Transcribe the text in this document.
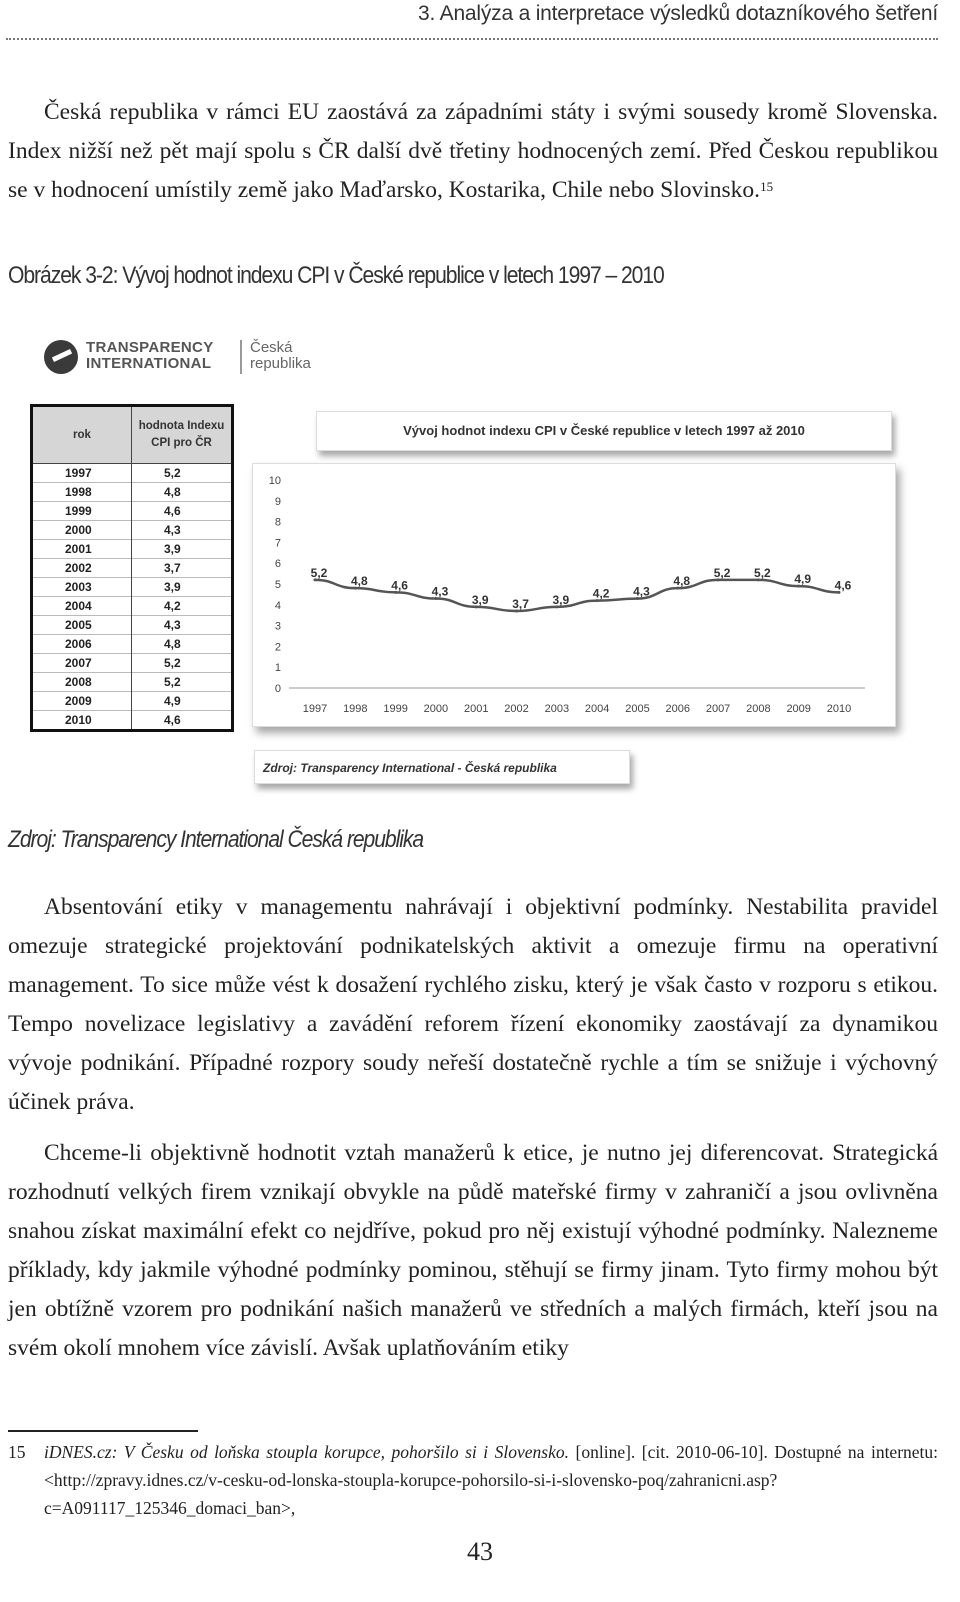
3. Analýza a interpretace výsledků dotazníkového šetření

Česká republika v rámci EU zaostává za západními státy i svými sousedy kromě Slovenska. Index nižší než pět mají spolu s ČR další dvě třetiny hodnocených zemí. Před Českou republikou se v hodnocení umístily země jako Maďarsko, Kostarika, Chile nebo Slovinsko.$^{15}$

Obrázek 3-2: Vývoj hodnot indexu CPI v České republice v letech 1997 – 2010
TRANSPARENCY
INTERNATIONAL
Česká
republika
rok	hodnota Indexu CPI pro ČR
1997	5,2
1998	4,8
1999	4,6
2000	4,3
2001	3,9
2002	3,7
2003	3,9
2004	4,2
2005	4,3
2006	4,8
2007	5,2
2008	5,2
2009	4,9
2010	4,6
Vývoj hodnot indexu CPI v České republice v letech 1997 až 2010
0
1
2
3
4
5
6
7
8
9
10
1997 1998 1999 2000 2001 2002 2003 2004 2005 2006 2007 2008 2009 2010
5,2
4,8 4,6 4,3
3,9 3,7 3,9 4,2 4,3
4,8
5,2 5,2 4,9 4,6
Zdroj: Transparency International - Česká republika
Zdroj: Transparency International Česká republika

Absentování etiky v managementu nahrávají i objektivní podmínky. Nestabilita pravidel omezuje strategické projektování podnikatelských aktivit a omezuje firmu na operativní management. To sice může vést k dosažení rychlého zisku, který je však často v rozporu s etikou. Tempo novelizace legislativy a zavádění reforem řízení ekonomiky zaostávají za dynamikou vývoje podnikání. Případné rozpory soudy neřeší dostatečně rychle a tím se snižuje i výchovný účinek práva.

Chceme-li objektivně hodnotit vztah manažerů k etice, je nutno jej diferencovat. Strategická rozhodnutí velkých firem vznikají obvykle na půdě mateřské firmy v zahraničí a jsou ovlivněna snahou získat maximální efekt co nejdříve, pokud pro něj existují výhodné podmínky. Nalezneme příklady, kdy jakmile výhodné podmínky pominou, stěhují se firmy jinam. Tyto firmy mohou být jen obtížně vzorem pro podnikání našich manažerů ve středních a malých firmách, kteří jsou na svém okolí mnohem více závislí. Avšak uplatňováním etiky

15 iDNES.cz: V Česku od loňska stoupla korupce, pohoršilo si i Slovensko. [online]. [cit. 2010-06-10]. Dostupné na internetu: <http://zpravy.idnes.cz/v-cesku-od-lonska-stoupla-korupce-pohorsilo-si-i-slovensko-poq/zahranicni.asp?c=A091117_125346_domaci_ban>,
43
